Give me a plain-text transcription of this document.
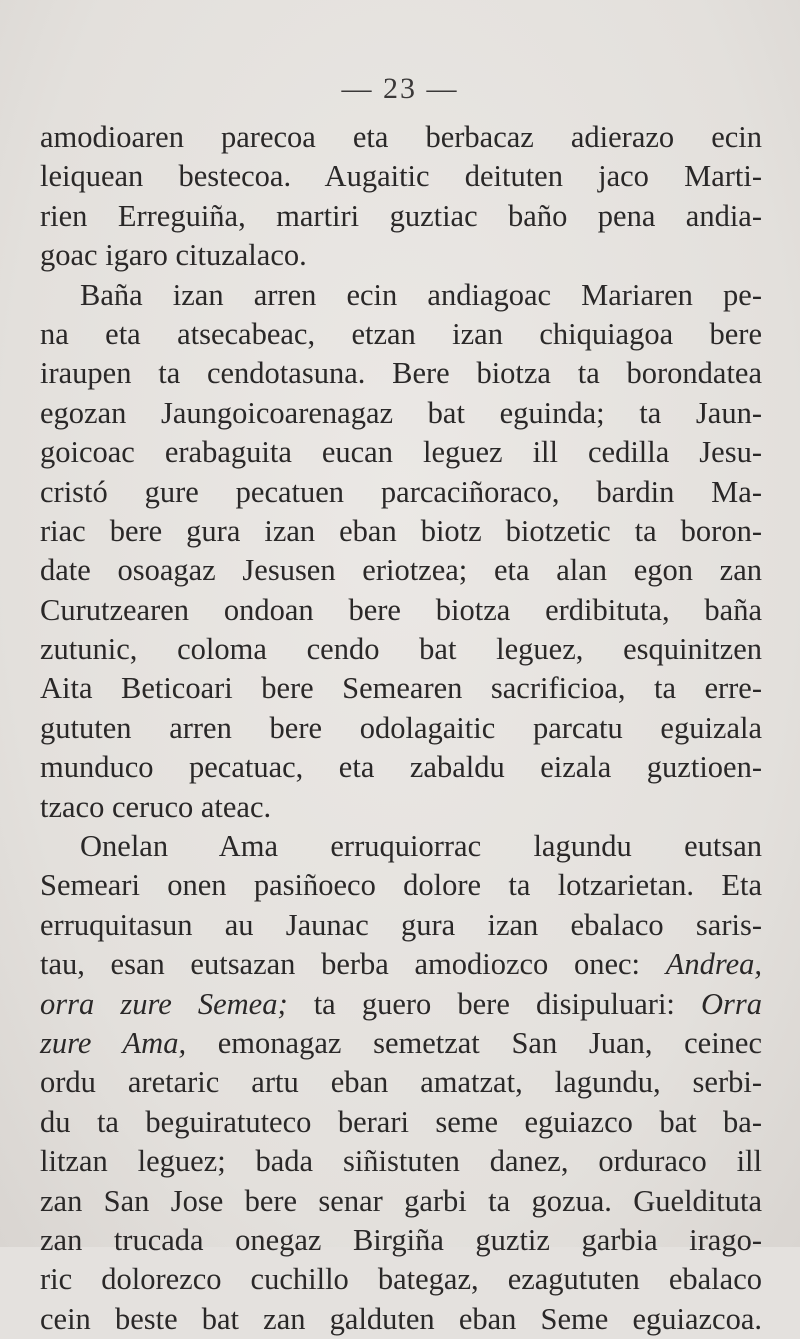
— 23 —
amodioaren parecoa eta berbacaz adierazo ecin
leiquean bestecoa. Augaitic deituten jaco Marti-
rien Erreguiña, martiri guztiac baño pena andia-
goac igaro cituzalaco.
Baña izan arren ecin andiagoac Mariaren pe-
na eta atsecabeac, etzan izan chiquiagoa bere
iraupen ta cendotasuna. Bere biotza ta borondatea
egozan Jaungoicoarenagaz bat eguinda; ta Jaun-
goicoac erabaguita eucan leguez ill cedilla Jesu-
cristó gure pecatuen parcaciñoraco, bardin Ma-
riac bere gura izan eban biotz biotzetic ta boron-
date osoagaz Jesusen eriotzea; eta alan egon zan
Curutzearen ondoan bere biotza erdibituta, baña
zutunic, coloma cendo bat leguez, esquinitzen
Aita Beticoari bere Semearen sacrificioa, ta erre-
gututen arren bere odolagaitic parcatu eguizala
munduco pecatuac, eta zabaldu eizala guztioen-
tzaco ceruco ateac.
Onelan Ama erruquiorrac lagundu eutsan
Semeari onen pasiñoeco dolore ta lotzarietan. Eta
erruquitasun au Jaunac gura izan ebalaco saris-
tau, esan eutsazan berba amodiozco onec: Andrea,
orra zure Semea; ta guero bere disipuluari: Orra
zure Ama, emonagaz semetzat San Juan, ceinec
ordu aretaric artu eban amatzat, lagundu, serbi-
du ta beguiratuteco berari seme eguiazco bat ba-
litzan leguez; bada siñistuten danez, orduraco ill
zan San Jose bere senar garbi ta gozua. Gueldituta
zan trucada onegaz Birgiña guztiz garbia irago-
ric dolorezco cuchillo bategaz, ezagututen ebalaco
cein beste bat zan galduten eban Seme eguiazcoa.
